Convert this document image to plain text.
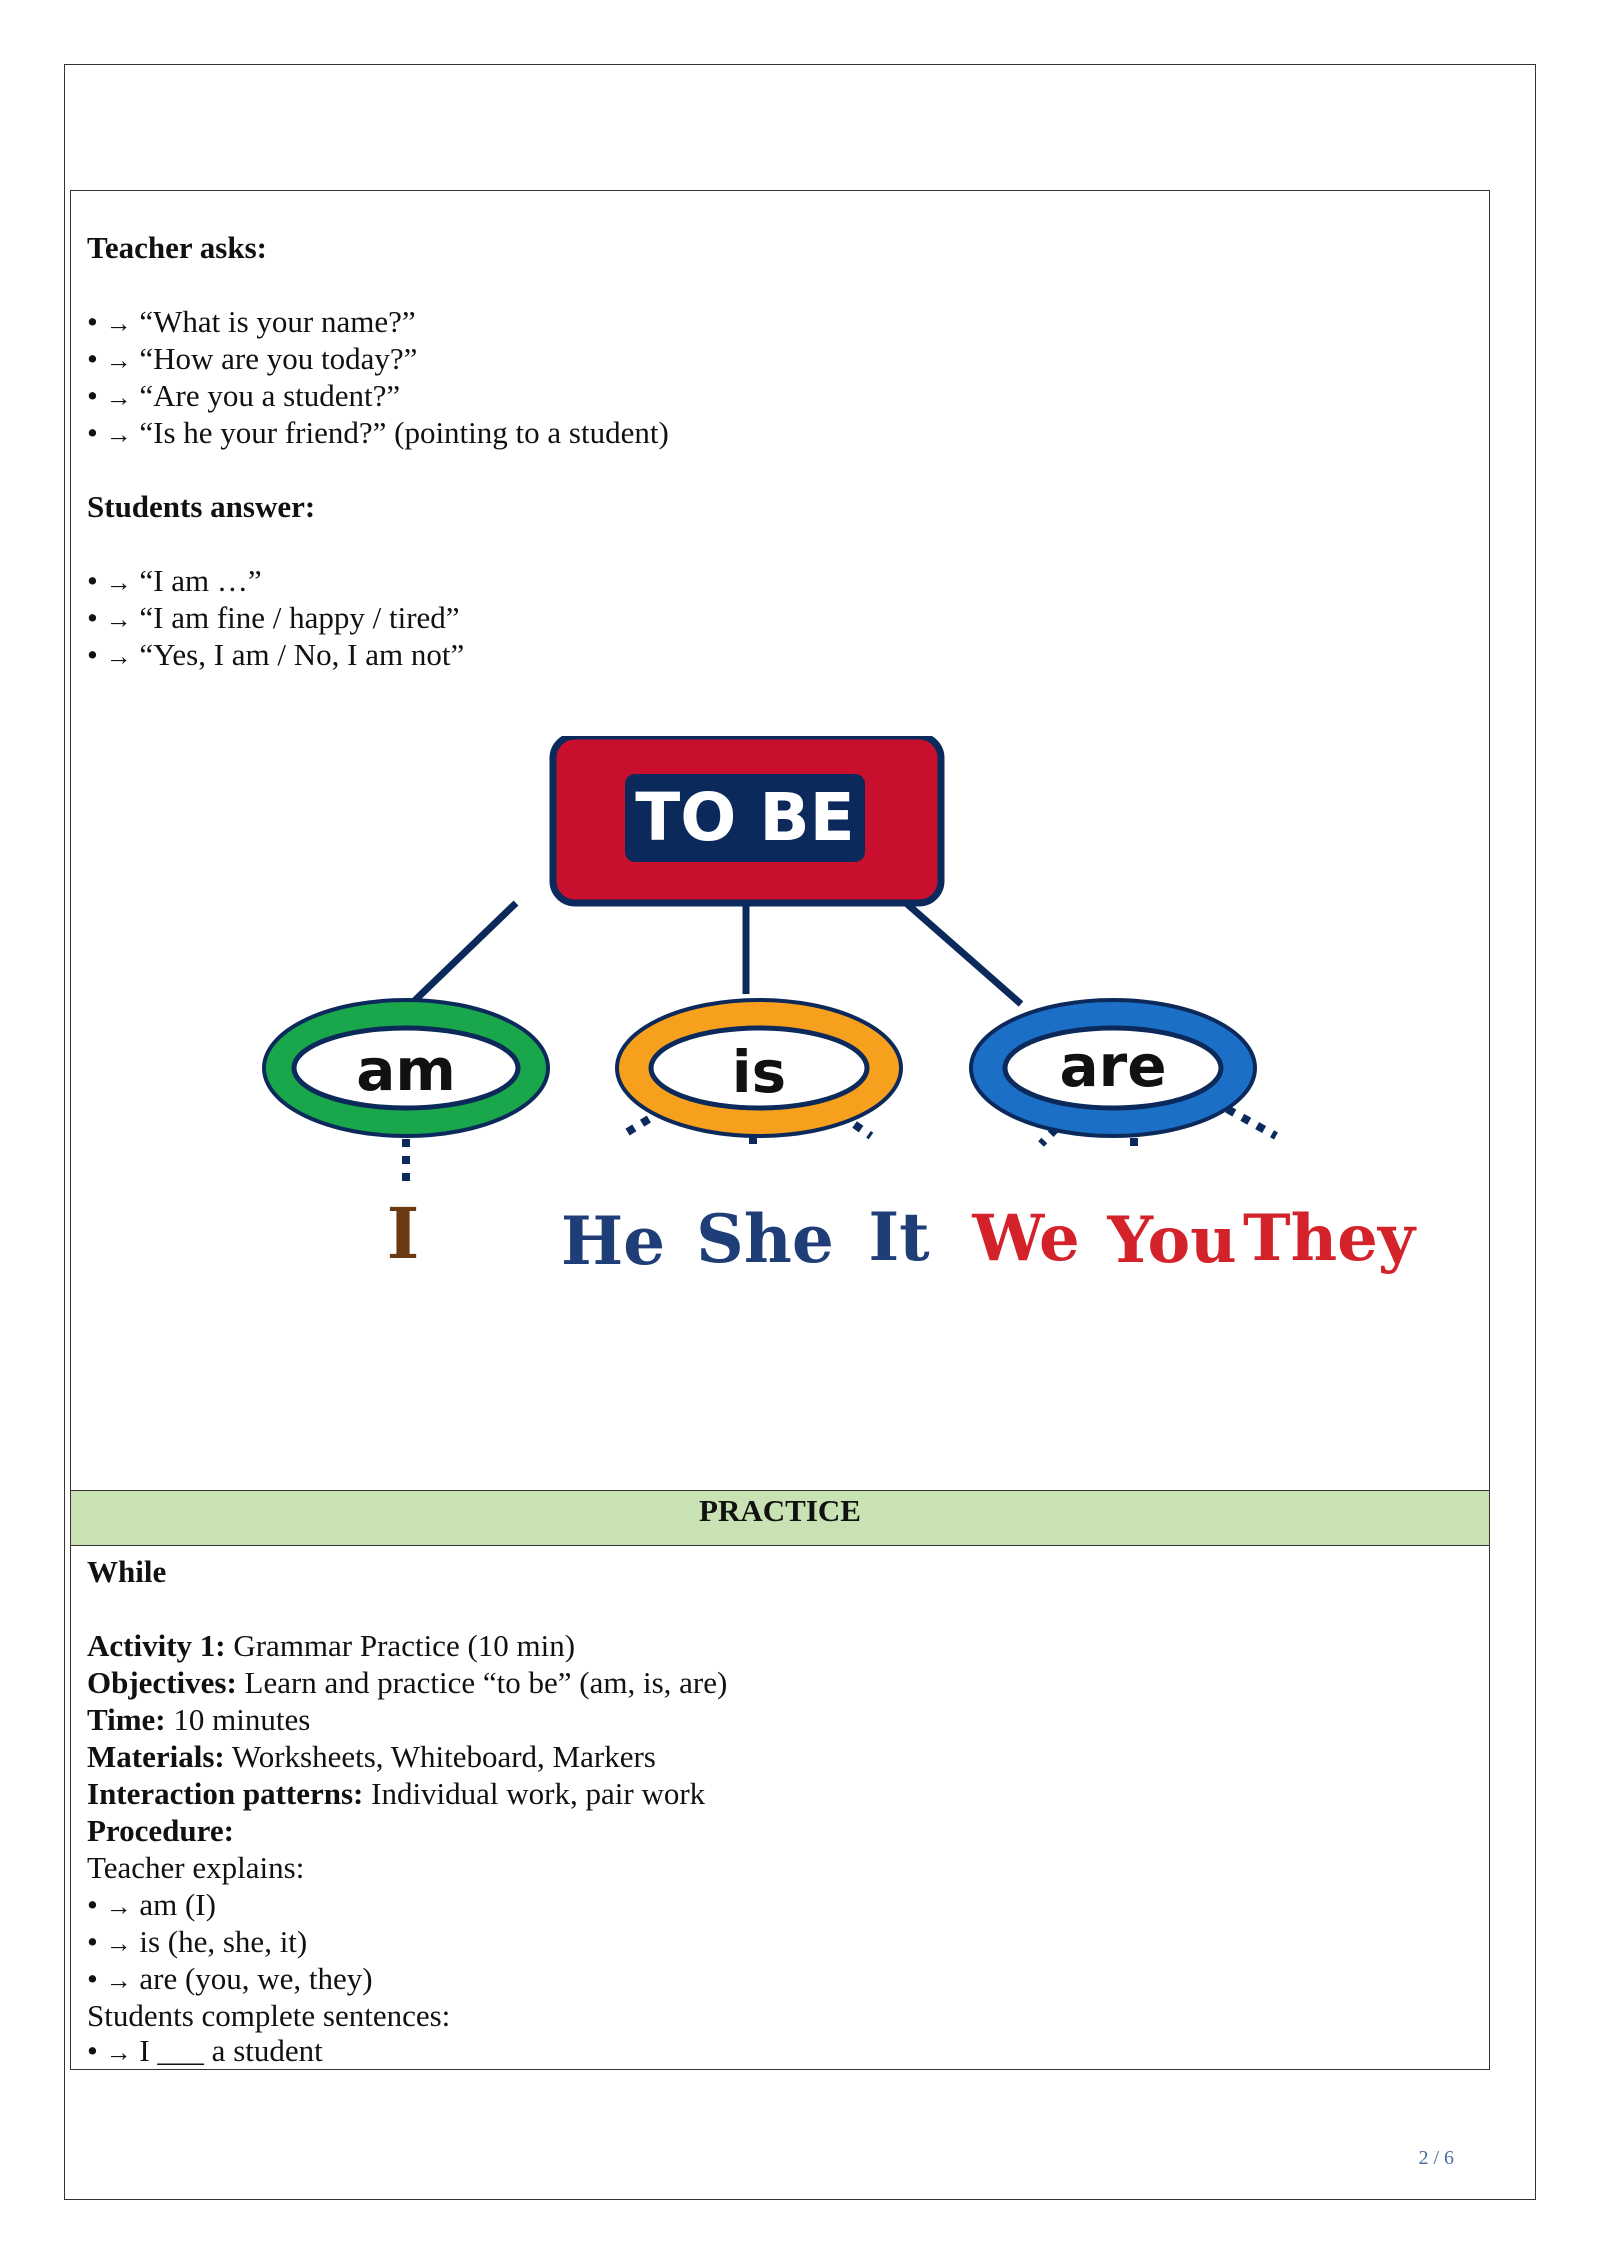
Teacher asks:
• → “What is your name?”
• → “How are you today?”
• → “Are you a student?”
• → “Is he your friend?” (pointing to a student)
Students answer:
• → “I am …”
• → “I am fine / happy / tired”
• → “Yes, I am / No, I am not”
TO BE
am	is	are
I He She It We You They
PRACTICE
While
Activity 1: Grammar Practice (10 min)
Objectives: Learn and practice “to be” (am, is, are)
Time: 10 minutes
Materials: Worksheets, Whiteboard, Markers
Interaction patterns: Individual work, pair work
Procedure:
Teacher explains:
• → am (I)
• → is (he, she, it)
• → are (you, we, they)
Students complete sentences:
• → I ___ a student
2 / 6
